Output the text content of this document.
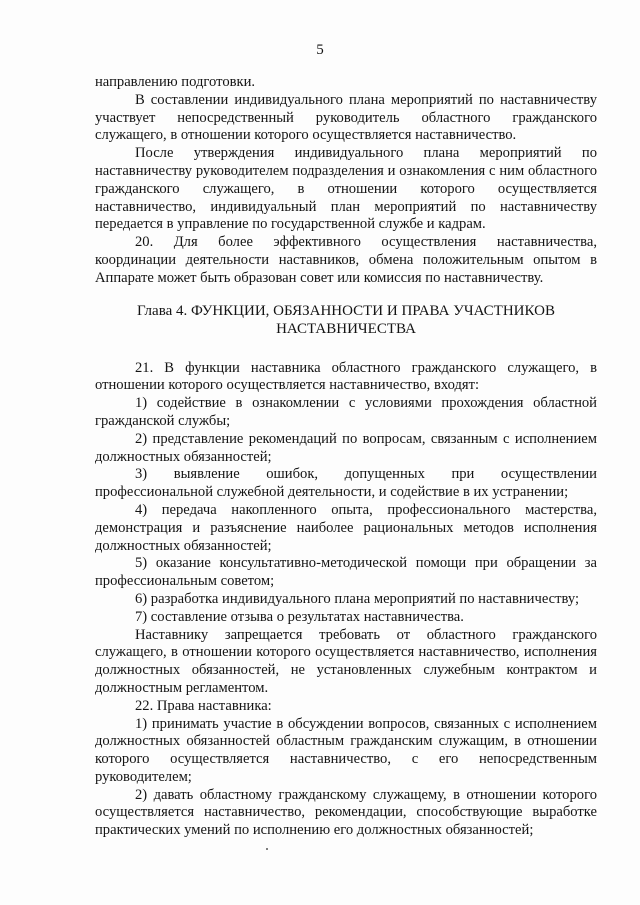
5

направлению подготовки.

В составлении индивидуального плана мероприятий по наставничеству участвует непосредственный руководитель областного гражданского служащего, в отношении которого осуществляется наставничество.

После утверждения индивидуального плана мероприятий по наставничеству руководителем подразделения и ознакомления с ним областного гражданского служащего, в отношении которого осуществляется наставничество, индивидуальный план мероприятий по наставничеству передается в управление по государственной службе и кадрам.

20. Для более эффективного осуществления наставничества, координации деятельности наставников, обмена положительным опытом в Аппарате может быть образован совет или комиссия по наставничеству.

Глава 4. ФУНКЦИИ, ОБЯЗАННОСТИ И ПРАВА УЧАСТНИКОВ
НАСТАВНИЧЕСТВА

21. В функции наставника областного гражданского служащего, в отношении которого осуществляется наставничество, входят:

1) содействие в ознакомлении с условиями прохождения областной гражданской службы;

2) представление рекомендаций по вопросам, связанным с исполнением должностных обязанностей;

3) выявление ошибок, допущенных при осуществлении профессиональной служебной деятельности, и содействие в их устранении;

4) передача накопленного опыта, профессионального мастерства, демонстрация и разъяснение наиболее рациональных методов исполнения должностных обязанностей;

5) оказание консультативно-методической помощи при обращении за профессиональным советом;

6) разработка индивидуального плана мероприятий по наставничеству;

7) составление отзыва о результатах наставничества.

Наставнику запрещается требовать от областного гражданского служащего, в отношении которого осуществляется наставничество, исполнения должностных обязанностей, не установленных служебным контрактом и должностным регламентом.

22. Права наставника:

1) принимать участие в обсуждении вопросов, связанных с исполнением должностных обязанностей областным гражданским служащим, в отношении которого осуществляется наставничество, с его непосредственным руководителем;

2) давать областному гражданскому служащему, в отношении которого осуществляется наставничество, рекомендации, способствующие выработке практических умений по исполнению его должностных обязанностей;
